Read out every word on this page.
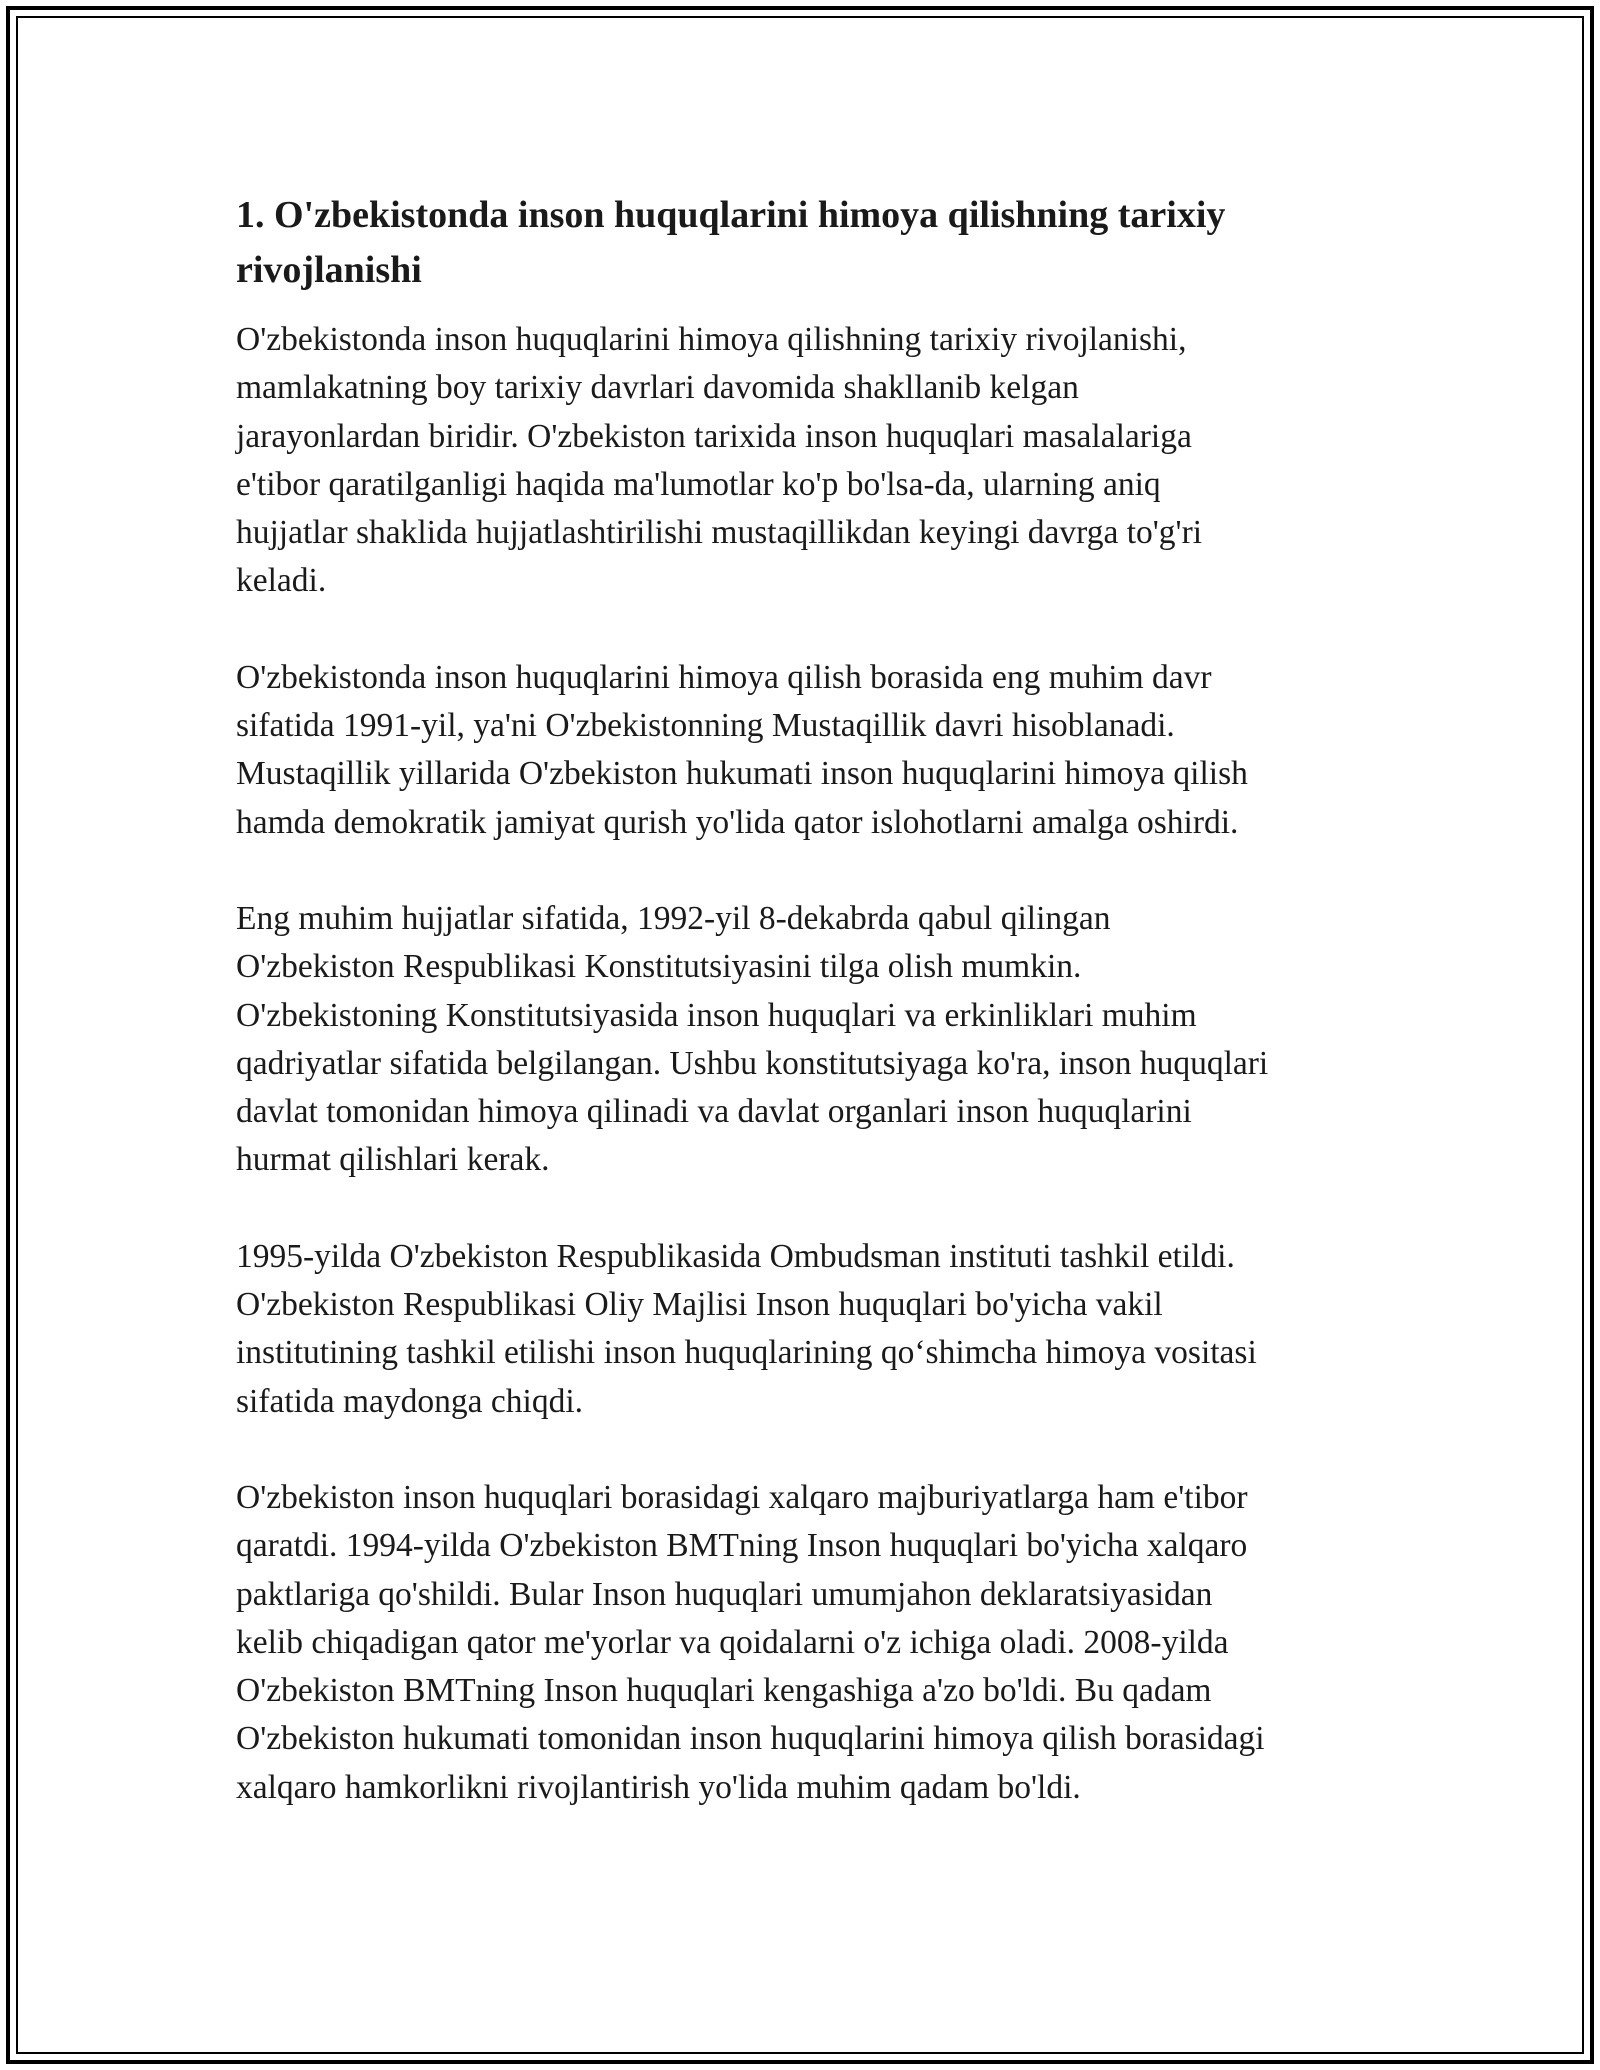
1. O'zbekistonda inson huquqlarini himoya qilishning tarixiy rivojlanishi

O'zbekistonda inson huquqlarini himoya qilishning tarixiy rivojlanishi,
mamlakatning boy tarixiy davrlari davomida shakllanib kelgan
jarayonlardan biridir. O'zbekiston tarixida inson huquqlari masalalariga
e'tibor qaratilganligi haqida ma'lumotlar ko'p bo'lsa-da, ularning aniq
hujjatlar shaklida hujjatlashtirilishi mustaqillikdan keyingi davrga to'g'ri
keladi.

O'zbekistonda inson huquqlarini himoya qilish borasida eng muhim davr
sifatida 1991-yil, ya'ni O'zbekistonning Mustaqillik davri hisoblanadi.
Mustaqillik yillarida O'zbekiston hukumati inson huquqlarini himoya qilish
hamda demokratik jamiyat qurish yo'lida qator islohotlarni amalga oshirdi.

Eng muhim hujjatlar sifatida, 1992-yil 8-dekabrda qabul qilingan
O'zbekiston Respublikasi Konstitutsiyasini tilga olish mumkin.
O'zbekistoning Konstitutsiyasida inson huquqlari va erkinliklari muhim
qadriyatlar sifatida belgilangan. Ushbu konstitutsiyaga ko'ra, inson huquqlari
davlat tomonidan himoya qilinadi va davlat organlari inson huquqlarini
hurmat qilishlari kerak.

1995-yilda O'zbekiston Respublikasida Ombudsman instituti tashkil etildi.
O'zbekiston Respublikasi Oliy Majlisi Inson huquqlari bo'yicha vakil
institutining tashkil etilishi inson huquqlarining qo‘shimcha himoya vositasi
sifatida maydonga chiqdi.

O'zbekiston inson huquqlari borasidagi xalqaro majburiyatlarga ham e'tibor
qaratdi. 1994-yilda O'zbekiston BMTning Inson huquqlari bo'yicha xalqaro
paktlariga qo'shildi. Bular Inson huquqlari umumjahon deklaratsiyasidan
kelib chiqadigan qator me'yorlar va qoidalarni o'z ichiga oladi. 2008-yilda
O'zbekiston BMTning Inson huquqlari kengashiga a'zo bo'ldi. Bu qadam
O'zbekiston hukumati tomonidan inson huquqlarini himoya qilish borasidagi
xalqaro hamkorlikni rivojlantirish yo'lida muhim qadam bo'ldi.
